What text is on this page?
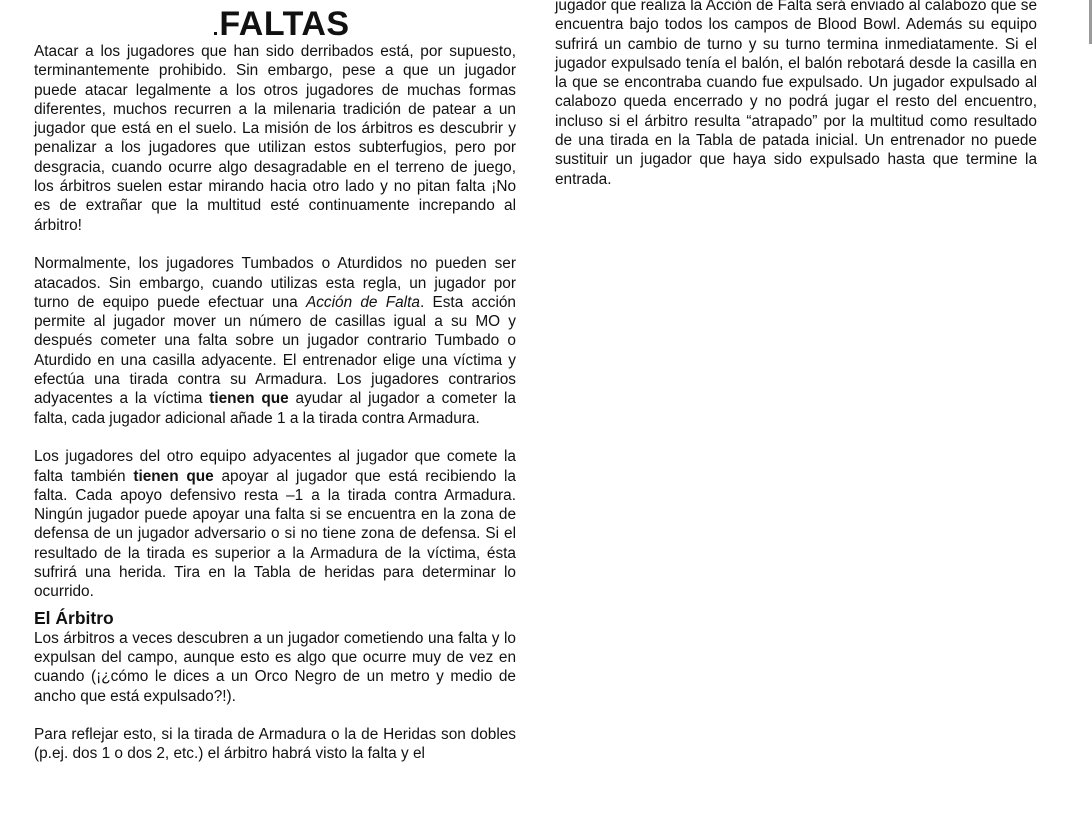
FALTAS

Atacar a los jugadores que han sido derribados está, por supuesto, terminantemente prohibido. Sin embargo, pese a que un jugador puede atacar legalmente a los otros jugadores de muchas formas diferentes, muchos recurren a la milenaria tradición de patear a un jugador que está en el suelo. La misión de los árbitros es descubrir y penalizar a los jugadores que utilizan estos subterfugios, pero por desgracia, cuando ocurre algo desagradable en el terreno de juego, los árbitros suelen estar mirando hacia otro lado y no pitan falta ¡No es de extrañar que la multitud esté continuamente increpando al árbitro!

Normalmente, los jugadores Tumbados o Aturdidos no pueden ser atacados. Sin embargo, cuando utilizas esta regla, un jugador por turno de equipo puede efectuar una Acción de Falta. Esta acción permite al jugador mover un número de casillas igual a su MO y después cometer una falta sobre un jugador contrario Tumbado o Aturdido en una casilla adyacente. El entrenador elige una víctima y efectúa una tirada contra su Armadura. Los jugadores contrarios adyacentes a la víctima tienen que ayudar al jugador a cometer la falta, cada jugador adicional añade 1 a la tirada contra Armadura.

Los jugadores del otro equipo adyacentes al jugador que comete la falta también tienen que apoyar al jugador que está recibiendo la falta. Cada apoyo defensivo resta –1 a la tirada contra Armadura. Ningún jugador puede apoyar una falta si se encuentra en la zona de defensa de un jugador adversario o si no tiene zona de defensa. Si el resultado de la tirada es superior a la Armadura de la víctima, ésta sufrirá una herida. Tira en la Tabla de heridas para determinar lo ocurrido.

El Árbitro

Los árbitros a veces descubren a un jugador cometiendo una falta y lo expulsan del campo, aunque esto es algo que ocurre muy de vez en cuando (¡¿cómo le dices a un Orco Negro de un metro y medio de ancho que está expulsado?!).

Para reflejar esto, si la tirada de Armadura o la de Heridas son dobles (p.ej. dos 1 o dos 2, etc.) el árbitro habrá visto la falta y el

jugador que realiza la Acción de Falta será enviado al calabozo que se encuentra bajo todos los campos de Blood Bowl. Además su equipo sufrirá un cambio de turno y su turno termina inmediatamente. Si el jugador expulsado tenía el balón, el balón rebotará desde la casilla en la que se encontraba cuando fue expulsado. Un jugador expulsado al calabozo queda encerrado y no podrá jugar el resto del encuentro, incluso si el árbitro resulta “atrapado” por la multitud como resultado de una tirada en la Tabla de patada inicial. Un entrenador no puede sustituir un jugador que haya sido expulsado hasta que termine la entrada.
